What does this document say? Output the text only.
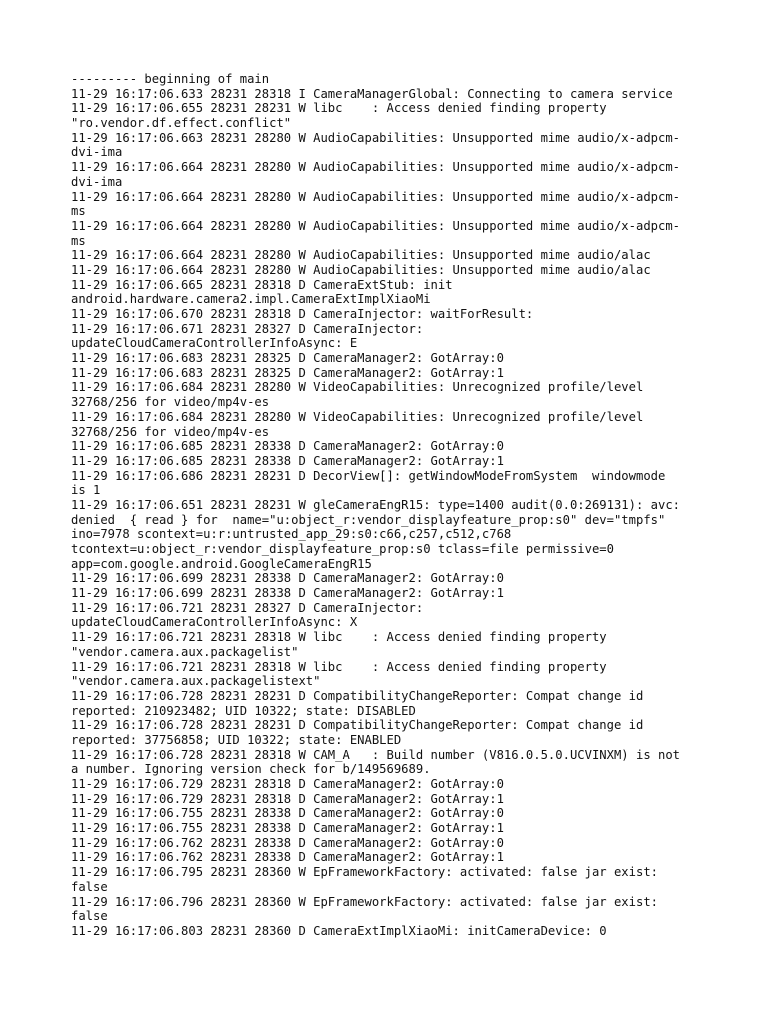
--------- beginning of main
11-29 16:17:06.633 28231 28318 I CameraManagerGlobal: Connecting to camera service
11-29 16:17:06.655 28231 28231 W libc    : Access denied finding property
"ro.vendor.df.effect.conflict"
11-29 16:17:06.663 28231 28280 W AudioCapabilities: Unsupported mime audio/x-adpcm-
dvi-ima
11-29 16:17:06.664 28231 28280 W AudioCapabilities: Unsupported mime audio/x-adpcm-
dvi-ima
11-29 16:17:06.664 28231 28280 W AudioCapabilities: Unsupported mime audio/x-adpcm-
ms
11-29 16:17:06.664 28231 28280 W AudioCapabilities: Unsupported mime audio/x-adpcm-
ms
11-29 16:17:06.664 28231 28280 W AudioCapabilities: Unsupported mime audio/alac
11-29 16:17:06.664 28231 28280 W AudioCapabilities: Unsupported mime audio/alac
11-29 16:17:06.665 28231 28318 D CameraExtStub: init
android.hardware.camera2.impl.CameraExtImplXiaoMi
11-29 16:17:06.670 28231 28318 D CameraInjector: waitForResult:
11-29 16:17:06.671 28231 28327 D CameraInjector:
updateCloudCameraControllerInfoAsync: E
11-29 16:17:06.683 28231 28325 D CameraManager2: GotArray:0
11-29 16:17:06.683 28231 28325 D CameraManager2: GotArray:1
11-29 16:17:06.684 28231 28280 W VideoCapabilities: Unrecognized profile/level
32768/256 for video/mp4v-es
11-29 16:17:06.684 28231 28280 W VideoCapabilities: Unrecognized profile/level
32768/256 for video/mp4v-es
11-29 16:17:06.685 28231 28338 D CameraManager2: GotArray:0
11-29 16:17:06.685 28231 28338 D CameraManager2: GotArray:1
11-29 16:17:06.686 28231 28231 D DecorView[]: getWindowModeFromSystem  windowmode
is 1
11-29 16:17:06.651 28231 28231 W gleCameraEngR15: type=1400 audit(0.0:269131): avc:
denied  { read } for  name="u:object_r:vendor_displayfeature_prop:s0" dev="tmpfs"
ino=7978 scontext=u:r:untrusted_app_29:s0:c66,c257,c512,c768
tcontext=u:object_r:vendor_displayfeature_prop:s0 tclass=file permissive=0
app=com.google.android.GoogleCameraEngR15
11-29 16:17:06.699 28231 28338 D CameraManager2: GotArray:0
11-29 16:17:06.699 28231 28338 D CameraManager2: GotArray:1
11-29 16:17:06.721 28231 28327 D CameraInjector:
updateCloudCameraControllerInfoAsync: X
11-29 16:17:06.721 28231 28318 W libc    : Access denied finding property
"vendor.camera.aux.packagelist"
11-29 16:17:06.721 28231 28318 W libc    : Access denied finding property
"vendor.camera.aux.packagelistext"
11-29 16:17:06.728 28231 28231 D CompatibilityChangeReporter: Compat change id
reported: 210923482; UID 10322; state: DISABLED
11-29 16:17:06.728 28231 28231 D CompatibilityChangeReporter: Compat change id
reported: 37756858; UID 10322; state: ENABLED
11-29 16:17:06.728 28231 28318 W CAM_A   : Build number (V816.0.5.0.UCVINXM) is not
a number. Ignoring version check for b/149569689.
11-29 16:17:06.729 28231 28318 D CameraManager2: GotArray:0
11-29 16:17:06.729 28231 28318 D CameraManager2: GotArray:1
11-29 16:17:06.755 28231 28338 D CameraManager2: GotArray:0
11-29 16:17:06.755 28231 28338 D CameraManager2: GotArray:1
11-29 16:17:06.762 28231 28338 D CameraManager2: GotArray:0
11-29 16:17:06.762 28231 28338 D CameraManager2: GotArray:1
11-29 16:17:06.795 28231 28360 W EpFrameworkFactory: activated: false jar exist:
false
11-29 16:17:06.796 28231 28360 W EpFrameworkFactory: activated: false jar exist:
false
11-29 16:17:06.803 28231 28360 D CameraExtImplXiaoMi: initCameraDevice: 0
